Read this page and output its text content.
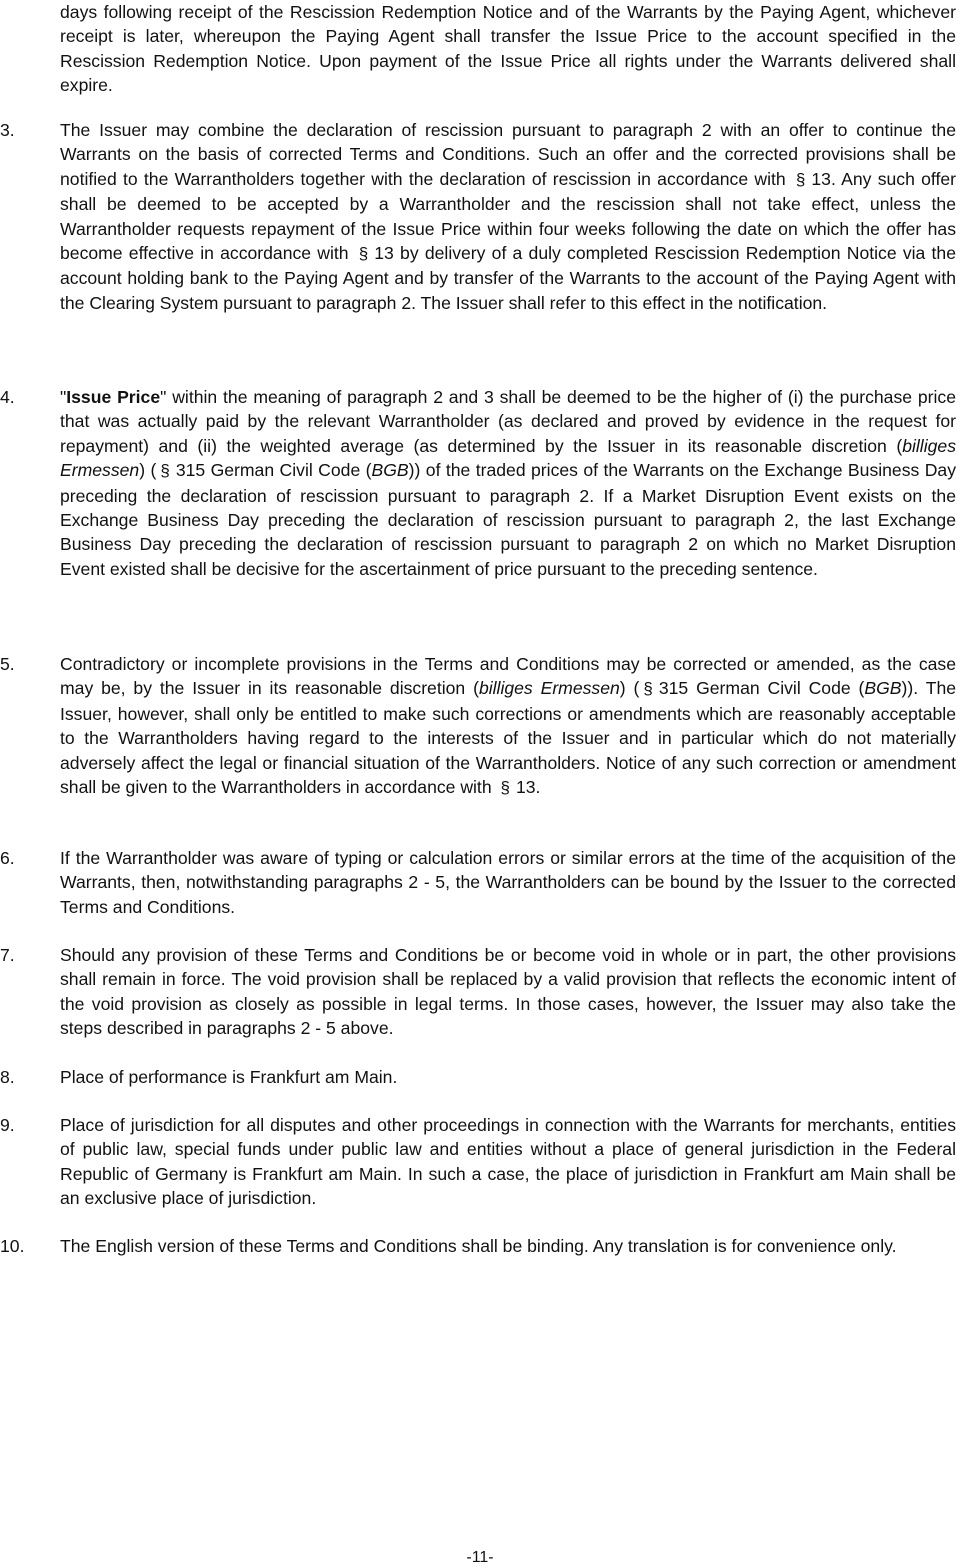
days following receipt of the Rescission Redemption Notice and of the Warrants by the Paying Agent, whichever receipt is later, whereupon the Paying Agent shall transfer the Issue Price to the account specified in the Rescission Redemption Notice. Upon payment of the Issue Price all rights under the Warrants delivered shall expire.
3.	The Issuer may combine the declaration of rescission pursuant to paragraph 2 with an offer to continue the Warrants on the basis of corrected Terms and Conditions. Such an offer and the corrected provisions shall be notified to the Warrantholders together with the declaration of rescission in accordance with § 13. Any such offer shall be deemed to be accepted by a Warrantholder and the rescission shall not take effect, unless the Warrantholder requests repayment of the Issue Price within four weeks following the date on which the offer has become effective in accordance with § 13 by delivery of a duly completed Rescission Redemption Notice via the account holding bank to the Paying Agent and by transfer of the Warrants to the account of the Paying Agent with the Clearing System pursuant to paragraph 2. The Issuer shall refer to this effect in the notification.
4.	"Issue Price" within the meaning of paragraph 2 and 3 shall be deemed to be the higher of (i) the purchase price that was actually paid by the relevant Warrantholder (as declared and proved by evidence in the request for repayment) and (ii) the weighted average (as determined by the Issuer in its reasonable discretion (billiges Ermessen) ( § 315 German Civil Code (BGB)) of the traded prices of the Warrants on the Exchange Business Day preceding the declaration of rescission pursuant to paragraph 2. If a Market Disruption Event exists on the Exchange Business Day preceding the declaration of rescission pursuant to paragraph 2, the last Exchange Business Day preceding the declaration of rescission pursuant to paragraph 2 on which no Market Disruption Event existed shall be decisive for the ascertainment of price pursuant to the preceding sentence.
5.	Contradictory or incomplete provisions in the Terms and Conditions may be corrected or amended, as the case may be, by the Issuer in its reasonable discretion (billiges Ermessen) ( § 315 German Civil Code (BGB)). The Issuer, however, shall only be entitled to make such corrections or amendments which are reasonably acceptable to the Warrantholders having regard to the interests of the Issuer and in particular which do not materially adversely affect the legal or financial situation of the Warrantholders. Notice of any such correction or amendment shall be given to the Warrantholders in accordance with § 13.
6.	If the Warrantholder was aware of typing or calculation errors or similar errors at the time of the acquisition of the Warrants, then, notwithstanding paragraphs 2 - 5, the Warrantholders can be bound by the Issuer to the corrected Terms and Conditions.
7.	Should any provision of these Terms and Conditions be or become void in whole or in part, the other provisions shall remain in force. The void provision shall be replaced by a valid provision that reflects the economic intent of the void provision as closely as possible in legal terms. In those cases, however, the Issuer may also take the steps described in paragraphs 2 - 5 above.
8.	Place of performance is Frankfurt am Main.
9.	Place of jurisdiction for all disputes and other proceedings in connection with the Warrants for merchants, entities of public law, special funds under public law and entities without a place of general jurisdiction in the Federal Republic of Germany is Frankfurt am Main. In such a case, the place of jurisdiction in Frankfurt am Main shall be an exclusive place of jurisdiction.
10. The English version of these Terms and Conditions shall be binding. Any translation is for convenience only.
-11-
